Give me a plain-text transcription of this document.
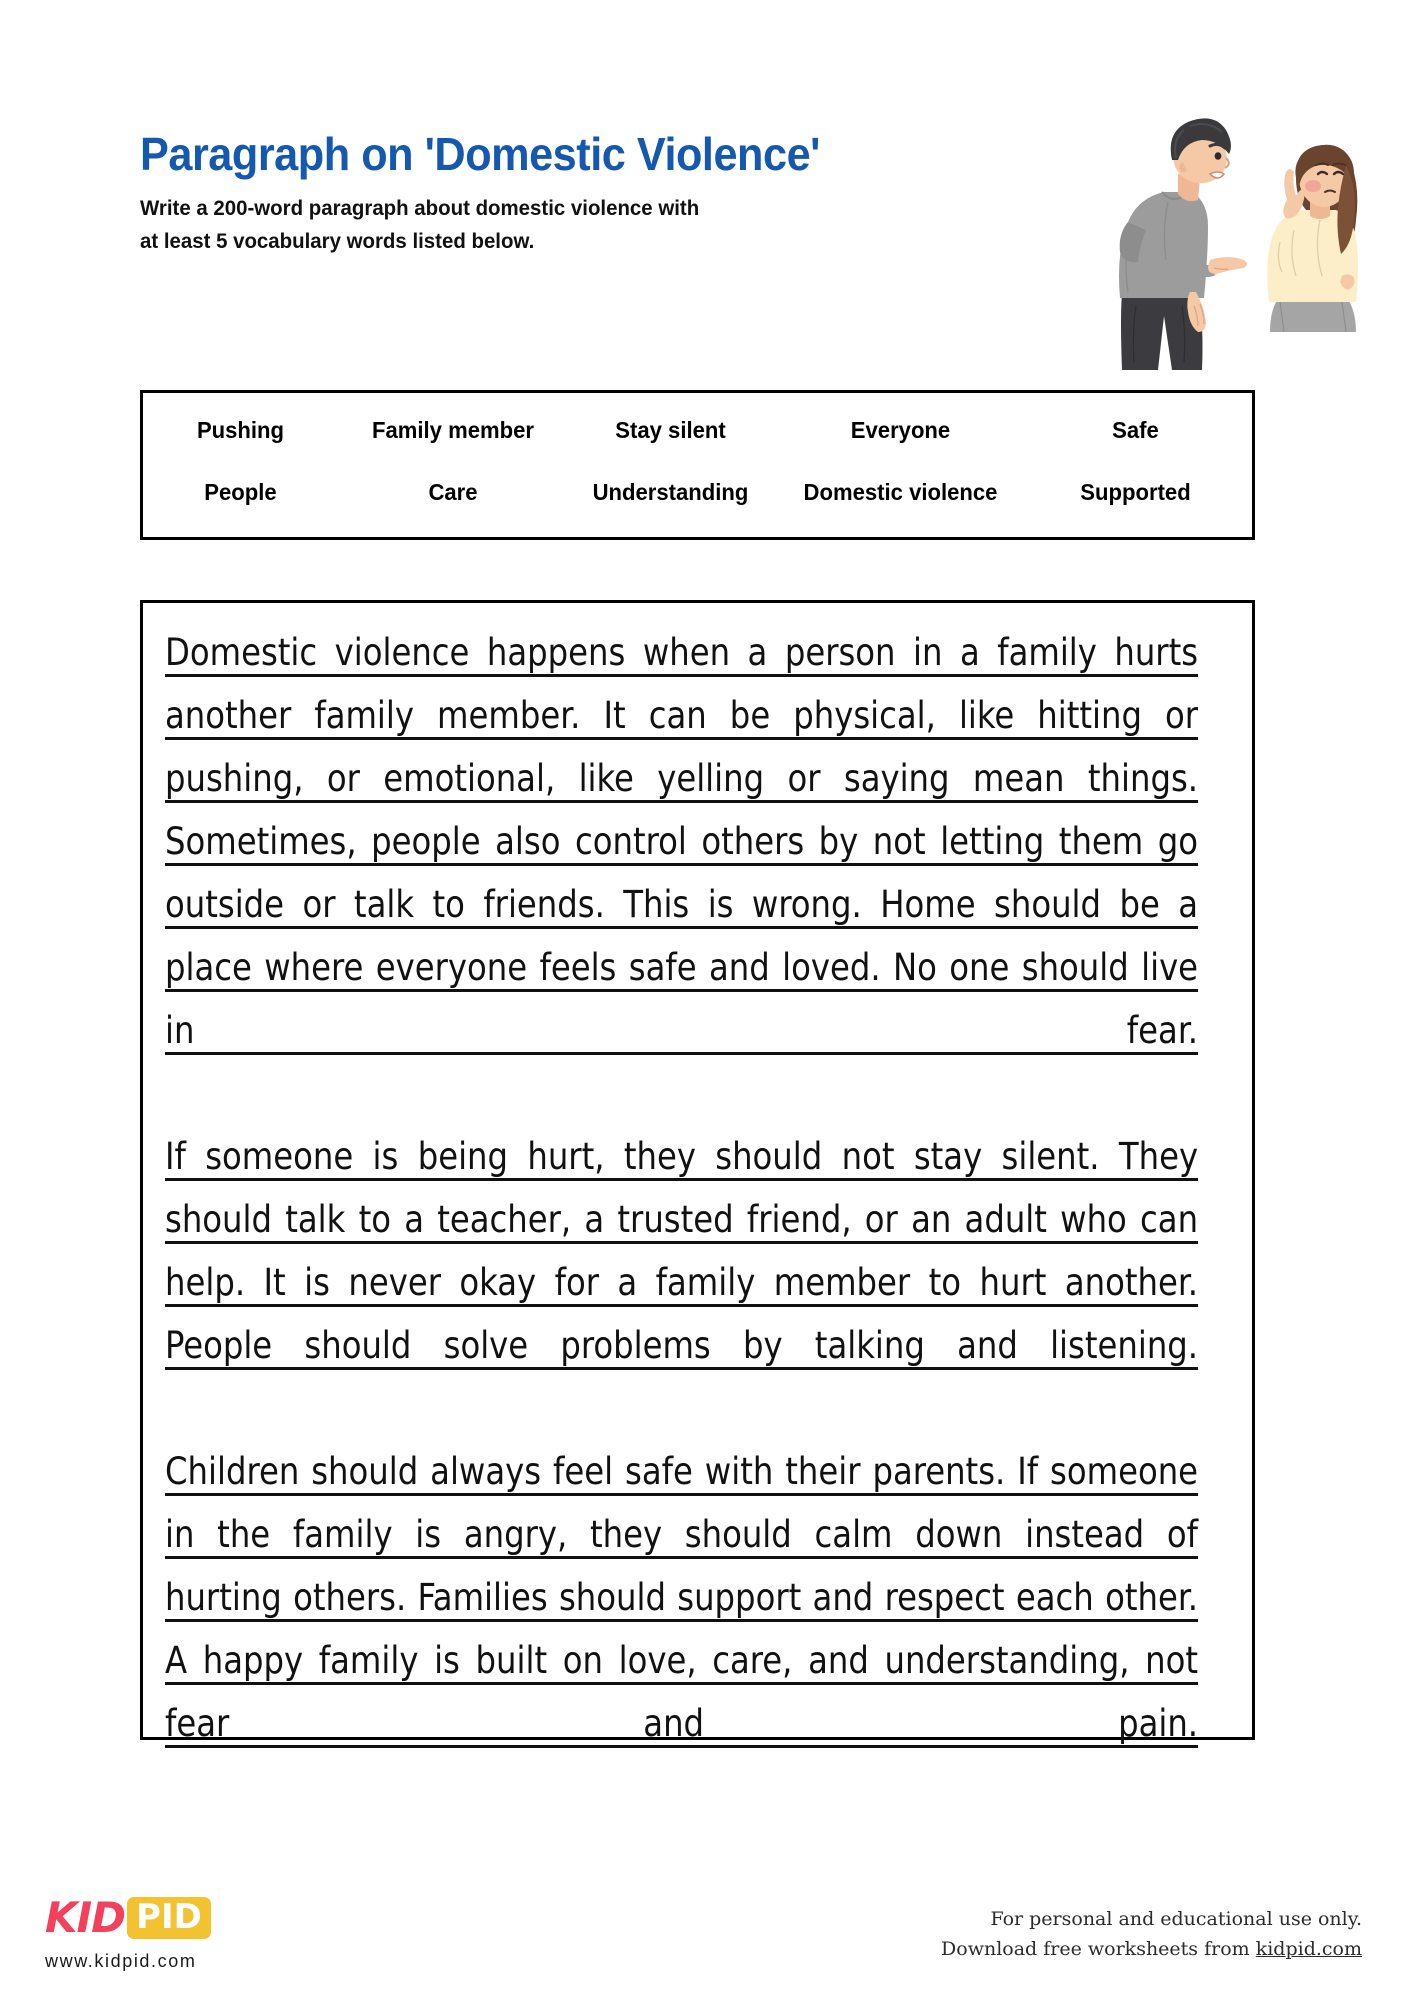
Paragraph on 'Domestic Violence'

Write a 200-word paragraph about domestic violence with
at least 5 vocabulary words listed below.

Pushing	Family member	Stay silent	Everyone	Safe
People	Care	Understanding	Domestic violence	Supported

Domestic violence happens when a person in a family hurts another family member. It can be physical, like hitting or pushing, or emotional, like yelling or saying mean things. Sometimes, people also control others by not letting them go outside or talk to friends. This is wrong. Home should be a place where everyone feels safe and loved. No one should live in fear.

If someone is being hurt, they should not stay silent. They should talk to a teacher, a trusted friend, or an adult who can help. It is never okay for a family member to hurt another. People should solve problems by talking and listening.

Children should always feel safe with their parents. If someone in the family is angry, they should calm down instead of hurting others. Families should support and respect each other. A happy family is built on love, care, and understanding, not fear and pain.

KID PID
www.kidpid.com
For personal and educational use only.
Download free worksheets from kidpid.com
